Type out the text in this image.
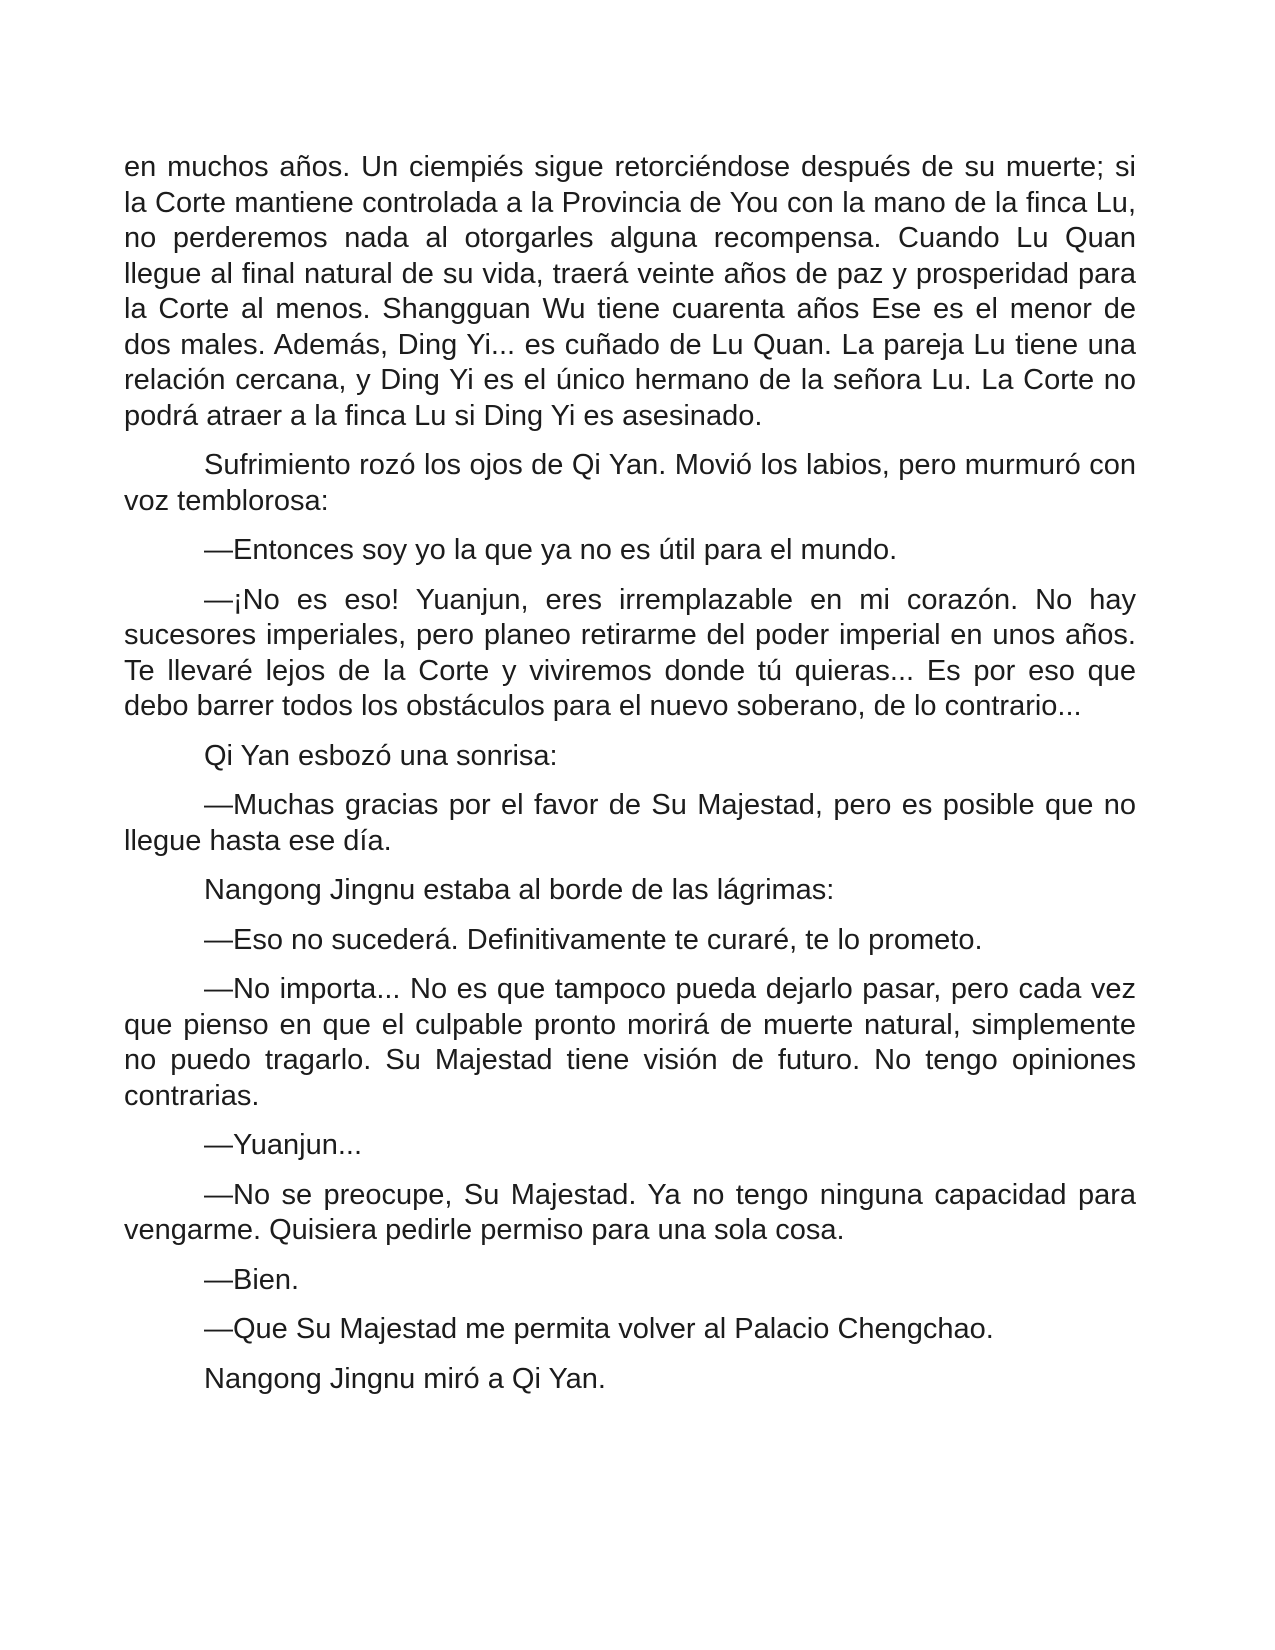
en muchos años. Un ciempiés sigue retorciéndose después de su muerte; si la Corte mantiene controlada a la Provincia de You con la mano de la finca Lu, no perderemos nada al otorgarles alguna recompensa. Cuando Lu Quan llegue al final natural de su vida, traerá veinte años de paz y prosperidad para la Corte al menos. Shangguan Wu tiene cuarenta años Ese es el menor de dos males. Además, Ding Yi... es cuñado de Lu Quan. La pareja Lu tiene una relación cercana, y Ding Yi es el único hermano de la señora Lu. La Corte no podrá atraer a la finca Lu si Ding Yi es asesinado.

Sufrimiento rozó los ojos de Qi Yan. Movió los labios, pero murmuró con voz temblorosa:

—Entonces soy yo la que ya no es útil para el mundo.

—¡No es eso! Yuanjun, eres irremplazable en mi corazón. No hay sucesores imperiales, pero planeo retirarme del poder imperial en unos años. Te llevaré lejos de la Corte y viviremos donde tú quieras... Es por eso que debo barrer todos los obstáculos para el nuevo soberano, de lo contrario...

Qi Yan esbozó una sonrisa:

—Muchas gracias por el favor de Su Majestad, pero es posible que no llegue hasta ese día.

Nangong Jingnu estaba al borde de las lágrimas:

—Eso no sucederá. Definitivamente te curaré, te lo prometo.

—No importa... No es que tampoco pueda dejarlo pasar, pero cada vez que pienso en que el culpable pronto morirá de muerte natural, simplemente no puedo tragarlo. Su Majestad tiene visión de futuro. No tengo opiniones contrarias.

—Yuanjun...

—No se preocupe, Su Majestad. Ya no tengo ninguna capacidad para vengarme. Quisiera pedirle permiso para una sola cosa.

—Bien.

—Que Su Majestad me permita volver al Palacio Chengchao.

Nangong Jingnu miró a Qi Yan.
